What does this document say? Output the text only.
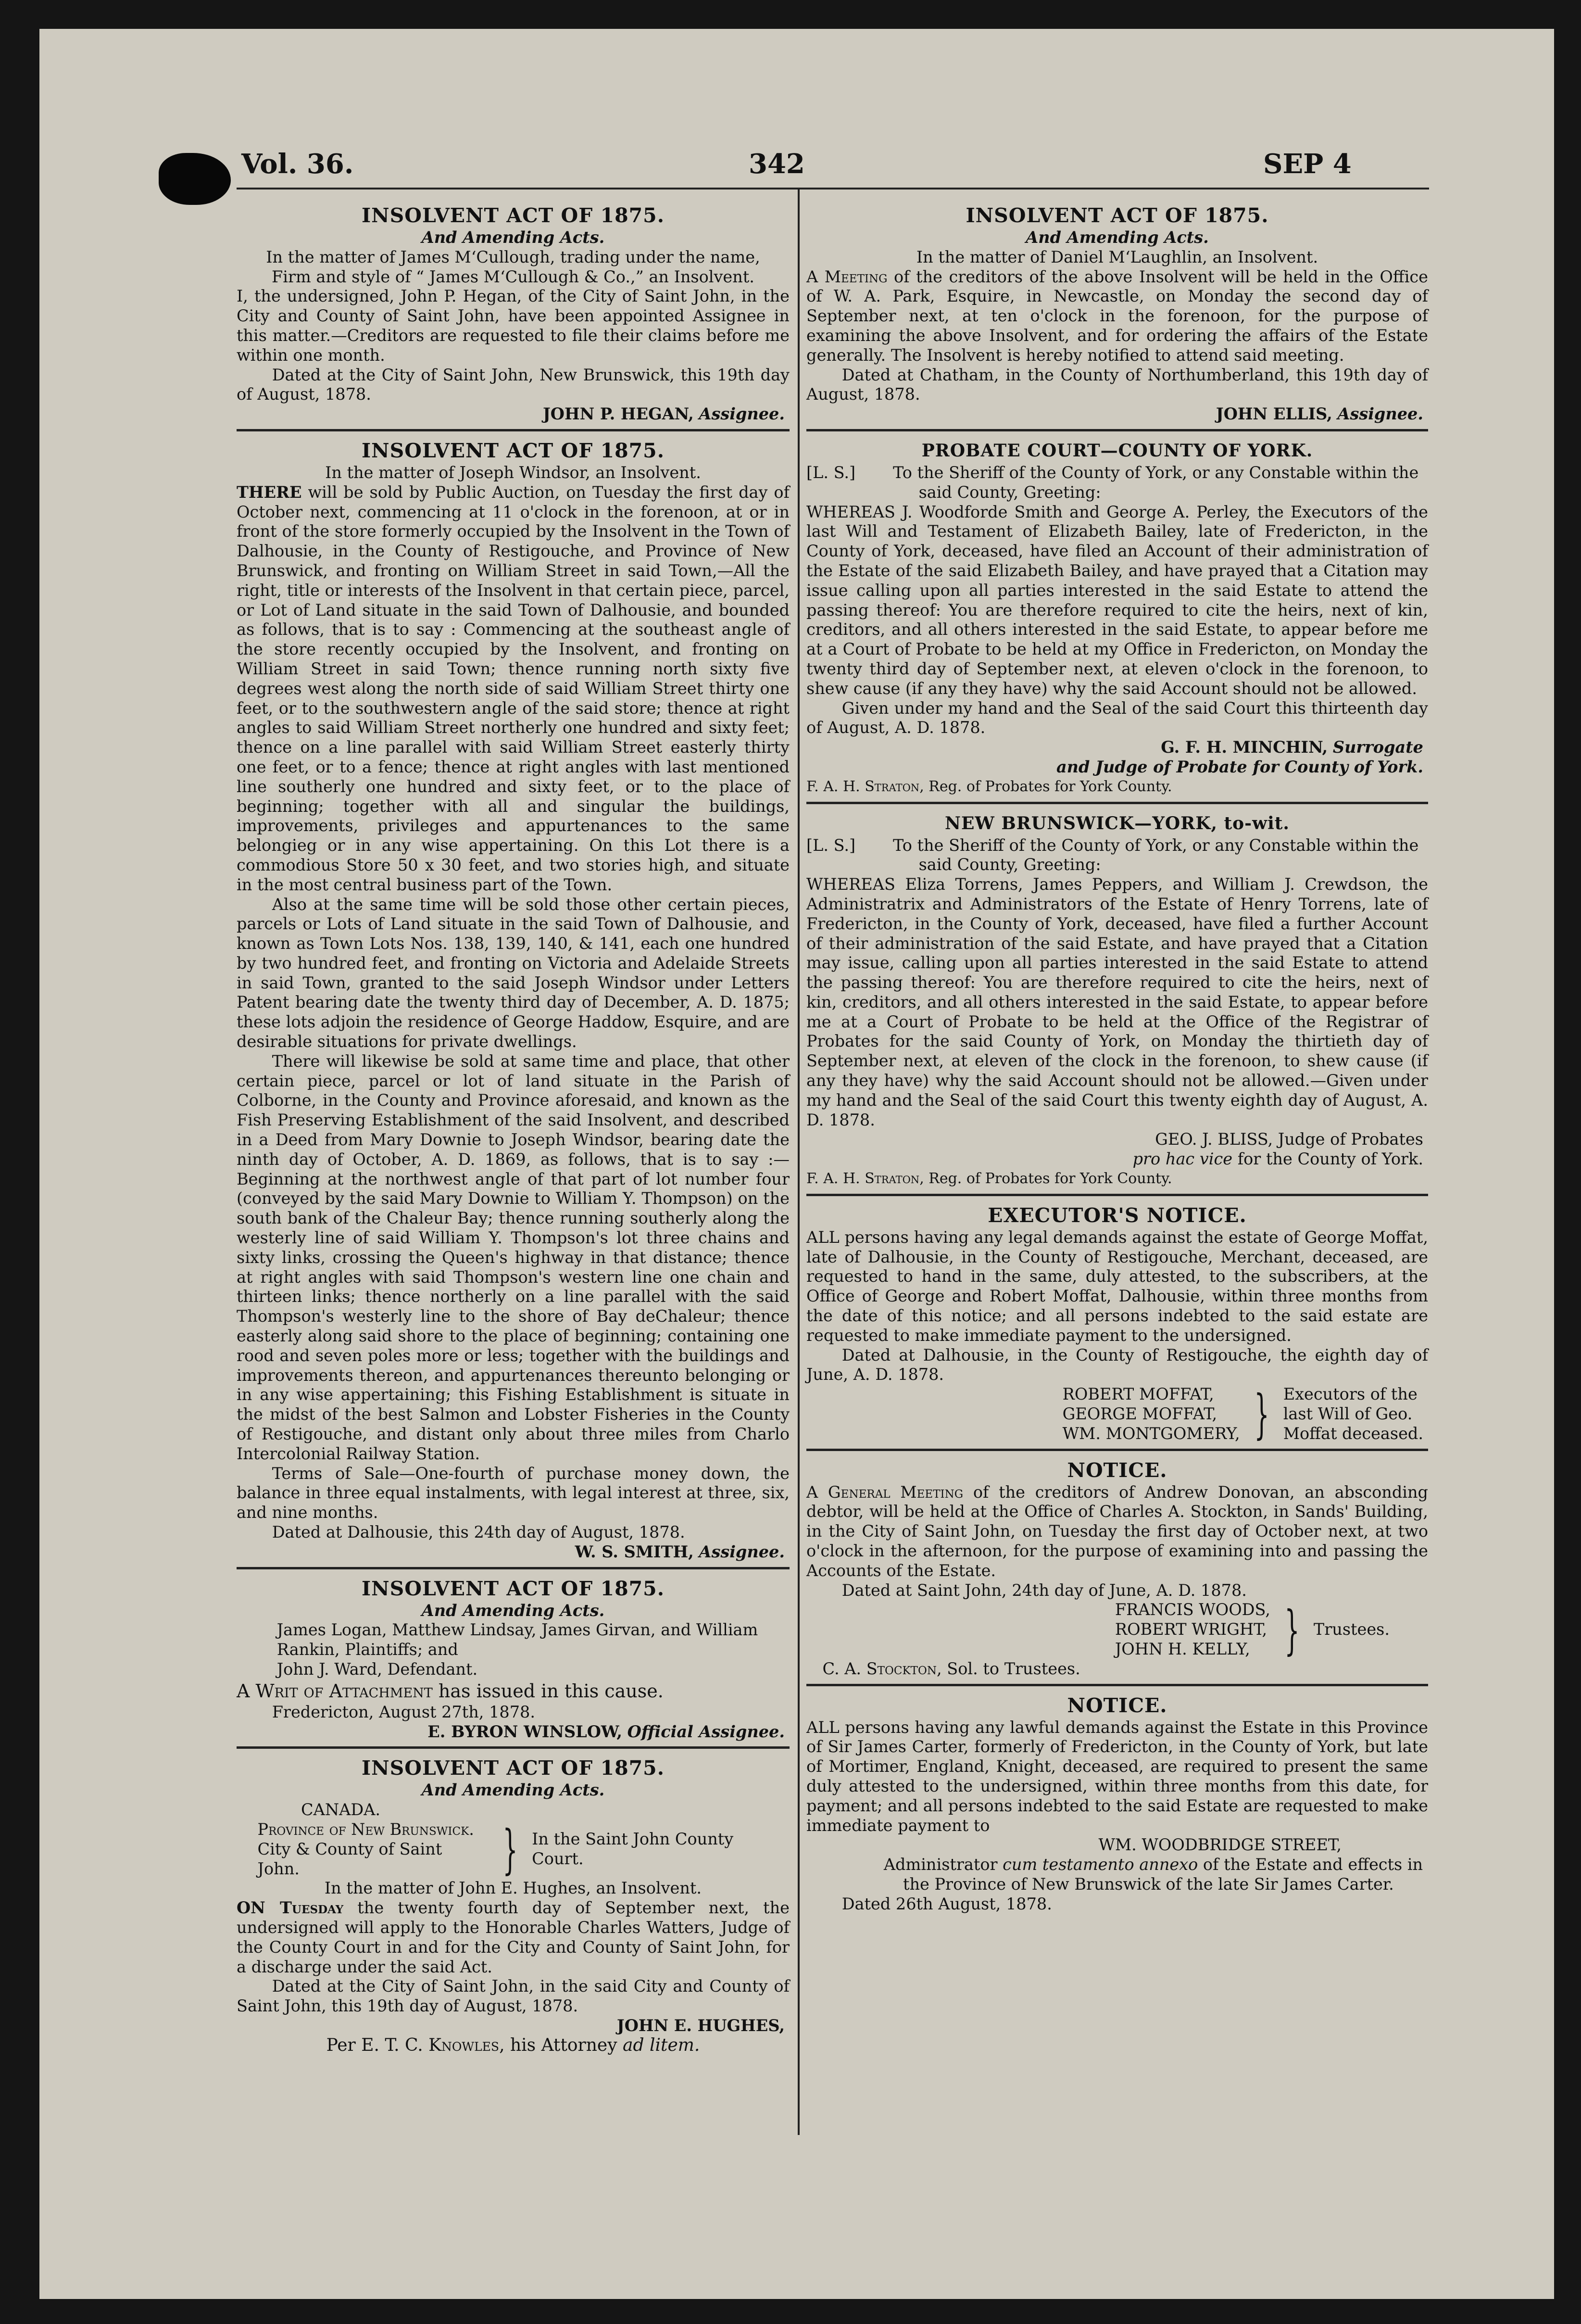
Vol. 36.	342	SEP 4
INSOLVENT ACT OF 1875.
And Amending Acts.
In the matter of James M‘Cullough, trading under the name,
Firm and style of “ James M‘Cullough & Co.,” an Insolvent.

I, the undersigned, John P. Hegan, of the City of Saint John, in the City and County of Saint John, have been appointed Assignee in this matter.—Creditors are requested to file their claims before me within one month.

Dated at the City of Saint John, New Brunswick, this 19th day of August, 1878.

JOHN P. HEGAN, Assignee.
INSOLVENT ACT OF 1875.
In the matter of Joseph Windsor, an Insolvent.

THERE will be sold by Public Auction, on Tuesday the first day of October next, commencing at 11 o'clock in the forenoon, at or in front of the store formerly occupied by the Insolvent in the Town of Dalhousie, in the County of Restigouche, and Province of New Brunswick, and fronting on William Street in said Town,—All the right, title or interests of the Insolvent in that certain piece, parcel, or Lot of Land situate in the said Town of Dalhousie, and bounded as follows, that is to say : Commencing at the southeast angle of the store recently occupied by the Insolvent, and fronting on William Street in said Town; thence running north sixty five degrees west along the north side of said William Street thirty one feet, or to the southwestern angle of the said store; thence at right angles to said William Street northerly one hundred and sixty feet; thence on a line parallel with said William Street easterly thirty one feet, or to a fence; thence at right angles with last mentioned line southerly one hundred and sixty feet, or to the place of beginning; together with all and singular the buildings, improvements, privileges and appurtenances to the same belongieg or in any wise appertaining. On this Lot there is a commodious Store 50 x 30 feet, and two stories high, and situate in the most central business part of the Town.

Also at the same time will be sold those other certain pieces, parcels or Lots of Land situate in the said Town of Dalhousie, and known as Town Lots Nos. 138, 139, 140, & 141, each one hundred by two hundred feet, and fronting on Victoria and Adelaide Streets in said Town, granted to the said Joseph Windsor under Letters Patent bearing date the twenty third day of December, A. D. 1875; these lots adjoin the residence of George Haddow, Esquire, and are desirable situations for private dwellings.

There will likewise be sold at same time and place, that other certain piece, parcel or lot of land situate in the Parish of Colborne, in the County and Province aforesaid, and known as the Fish Preserving Establishment of the said Insolvent, and described in a Deed from Mary Downie to Joseph Windsor, bearing date the ninth day of October, A. D. 1869, as follows, that is to say :—Beginning at the northwest angle of that part of lot number four (conveyed by the said Mary Downie to William Y. Thompson) on the south bank of the Chaleur Bay; thence running southerly along the westerly line of said William Y. Thompson's lot three chains and sixty links, crossing the Queen's highway in that distance; thence at right angles with said Thompson's western line one chain and thirteen links; thence northerly on a line parallel with the said Thompson's westerly line to the shore of Bay deChaleur; thence easterly along said shore to the place of beginning; containing one rood and seven poles more or less; together with the buildings and improvements thereon, and appurtenances thereunto belonging or in any wise appertaining; this Fishing Establishment is situate in the midst of the best Salmon and Lobster Fisheries in the County of Restigouche, and distant only about three miles from Charlo Intercolonial Railway Station.

Terms of Sale—One-fourth of purchase money down, the balance in three equal instalments, with legal interest at three, six, and nine months.

Dated at Dalhousie, this 24th day of August, 1878.

W. S. SMITH, Assignee.
INSOLVENT ACT OF 1875.
And Amending Acts.

James Logan, Matthew Lindsay, James Girvan, and William Rankin, Plaintiffs; and

John J. Ward, Defendant.

A Writ of Attachment has issued in this cause.

Fredericton, August 27th, 1878.

E. BYRON WINSLOW, Official Assignee.
INSOLVENT ACT OF 1875.
And Amending Acts.
CANADA.
Province of New Brunswick.
City & County of Saint John.	} In the Saint John County Court.
In the matter of John E. Hughes, an Insolvent.

ON Tuesday the twenty fourth day of September next, the undersigned will apply to the Honorable Charles Watters, Judge of the County Court in and for the City and County of Saint John, for a discharge under the said Act.

Dated at the City of Saint John, in the said City and County of Saint John, this 19th day of August, 1878.

JOHN E. HUGHES,
Per E. T. C. Knowles, his Attorney ad litem.
INSOLVENT ACT OF 1875.
And Amending Acts.
In the matter of Daniel M‘Laughlin, an Insolvent.

A Meeting of the creditors of the above Insolvent will be held in the Office of W. A. Park, Esquire, in Newcastle, on Monday the second day of September next, at ten o'clock in the forenoon, for the purpose of examining the above Insolvent, and for ordering the affairs of the Estate generally. The Insolvent is hereby notified to attend said meeting.

Dated at Chatham, in the County of Northumberland, this 19th day of August, 1878.

JOHN ELLIS, Assignee.
PROBATE COURT—COUNTY OF YORK.
[L. S.]	To the Sheriff of the County of York, or any Constable within the said County, Greeting:

WHEREAS J. Woodforde Smith and George A. Perley, the Executors of the last Will and Testament of Elizabeth Bailey, late of Fredericton, in the County of York, deceased, have filed an Account of their administration of the Estate of the said Elizabeth Bailey, and have prayed that a Citation may issue calling upon all parties interested in the said Estate to attend the passing thereof: You are therefore required to cite the heirs, next of kin, creditors, and all others interested in the said Estate, to appear before me at a Court of Probate to be held at my Office in Fredericton, on Monday the twenty third day of September next, at eleven o'clock in the forenoon, to shew cause (if any they have) why the said Account should not be allowed.

Given under my hand and the Seal of the said Court this thirteenth day of August, A. D. 1878.

G. F. H. MINCHIN, Surrogate
and Judge of Probate for County of York.
F. A. H. Straton, Reg. of Probates for York County.
NEW BRUNSWICK—YORK, to-wit.
[L. S.]	To the Sheriff of the County of York, or any Constable within the said County, Greeting:

WHEREAS Eliza Torrens, James Peppers, and William J. Crewdson, the Administratrix and Administrators of the Estate of Henry Torrens, late of Fredericton, in the County of York, deceased, have filed a further Account of their administration of the said Estate, and have prayed that a Citation may issue, calling upon all parties interested in the said Estate to attend the passing thereof: You are therefore required to cite the heirs, next of kin, creditors, and all others interested in the said Estate, to appear before me at a Court of Probate to be held at the Office of the Registrar of Probates for the said County of York, on Monday the thirtieth day of September next, at eleven of the clock in the forenoon, to shew cause (if any they have) why the said Account should not be allowed.—Given under my hand and the Seal of the said Court this twenty eighth day of August, A. D. 1878.

GEO. J. BLISS, Judge of Probates
pro hac vice for the County of York.
F. A. H. Straton, Reg. of Probates for York County.
EXECUTOR'S NOTICE.

ALL persons having any legal demands against the estate of George Moffat, late of Dalhousie, in the County of Restigouche, Merchant, deceased, are requested to hand in the same, duly attested, to the subscribers, at the Office of George and Robert Moffat, Dalhousie, within three months from the date of this notice; and all persons indebted to the said estate are requested to make immediate payment to the undersigned.

Dated at Dalhousie, in the County of Restigouche, the eighth day of June, A. D. 1878.

ROBERT MOFFAT,
GEORGE MOFFAT,
WM. MONTGOMERY, } Executors of the
last Will of Geo.
Moffat deceased.
NOTICE.

A General Meeting of the creditors of Andrew Donovan, an absconding debtor, will be held at the Office of Charles A. Stockton, in Sands' Building, in the City of Saint John, on Tuesday the first day of October next, at two o'clock in the afternoon, for the purpose of examining into and passing the Accounts of the Estate.

Dated at Saint John, 24th day of June, A. D. 1878.

FRANCIS WOODS,
ROBERT WRIGHT,
JOHN H. KELLY, } Trustees.
C. A. Stockton, Sol. to Trustees.
NOTICE.

ALL persons having any lawful demands against the Estate in this Province of Sir James Carter, formerly of Fredericton, in the County of York, but late of Mortimer, England, Knight, deceased, are required to present the same duly attested to the undersigned, within three months from this date, for payment; and all persons indebted to the said Estate are requested to make immediate payment to

WM. WOODBRIDGE STREET,

Administrator cum testamento annexo of the Estate and effects in the Province of New Brunswick of the late Sir James Carter.

Dated 26th August, 1878.
